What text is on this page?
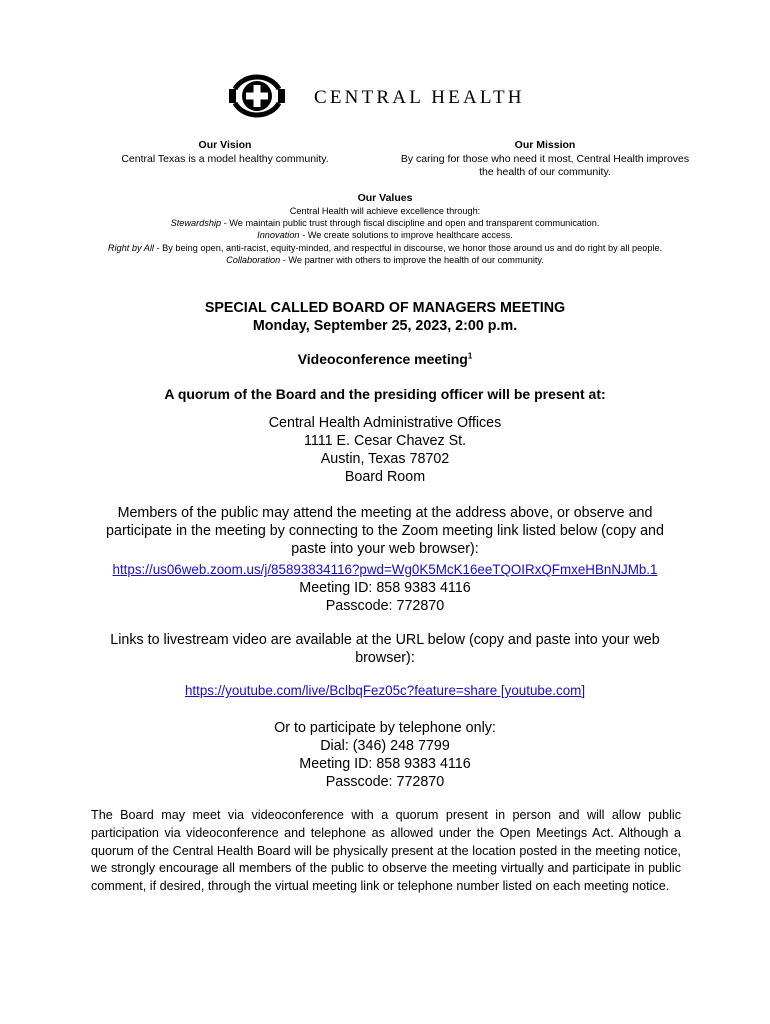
CENTRAL HEALTH
Our Vision
Central Texas is a model healthy community.
Our Mission
By caring for those who need it most, Central Health improves the health of our community.
Our Values
Central Health will achieve excellence through:
Stewardship - We maintain public trust through fiscal discipline and open and transparent communication.
Innovation - We create solutions to improve healthcare access.
Right by All - By being open, anti-racist, equity-minded, and respectful in discourse, we honor those around us and do right by all people.
Collaboration - We partner with others to improve the health of our community.
SPECIAL CALLED BOARD OF MANAGERS MEETING
Monday, September 25, 2023, 2:00 p.m.
Videoconference meeting$^1$
A quorum of the Board and the presiding officer will be present at:
Central Health Administrative Offices
1111 E. Cesar Chavez St.
Austin, Texas 78702
Board Room
Members of the public may attend the meeting at the address above, or observe and participate in the meeting by connecting to the Zoom meeting link listed below (copy and paste into your web browser):
https://us06web.zoom.us/j/85893834116?pwd=Wg0K5McK16eeTQOIRxQFmxeHBnNJMb.1
Meeting ID: 858 9383 4116
Passcode: 772870
Links to livestream video are available at the URL below (copy and paste into your web browser):
https://youtube.com/live/BclbqFez05c?feature=share [youtube.com]
Or to participate by telephone only:
Dial: (346) 248 7799
Meeting ID: 858 9383 4116
Passcode: 772870
The Board may meet via videoconference with a quorum present in person and will allow public participation via videoconference and telephone as allowed under the Open Meetings Act. Although a quorum of the Central Health Board will be physically present at the location posted in the meeting notice, we strongly encourage all members of the public to observe the meeting virtually and participate in public comment, if desired, through the virtual meeting link or telephone number listed on each meeting notice.
